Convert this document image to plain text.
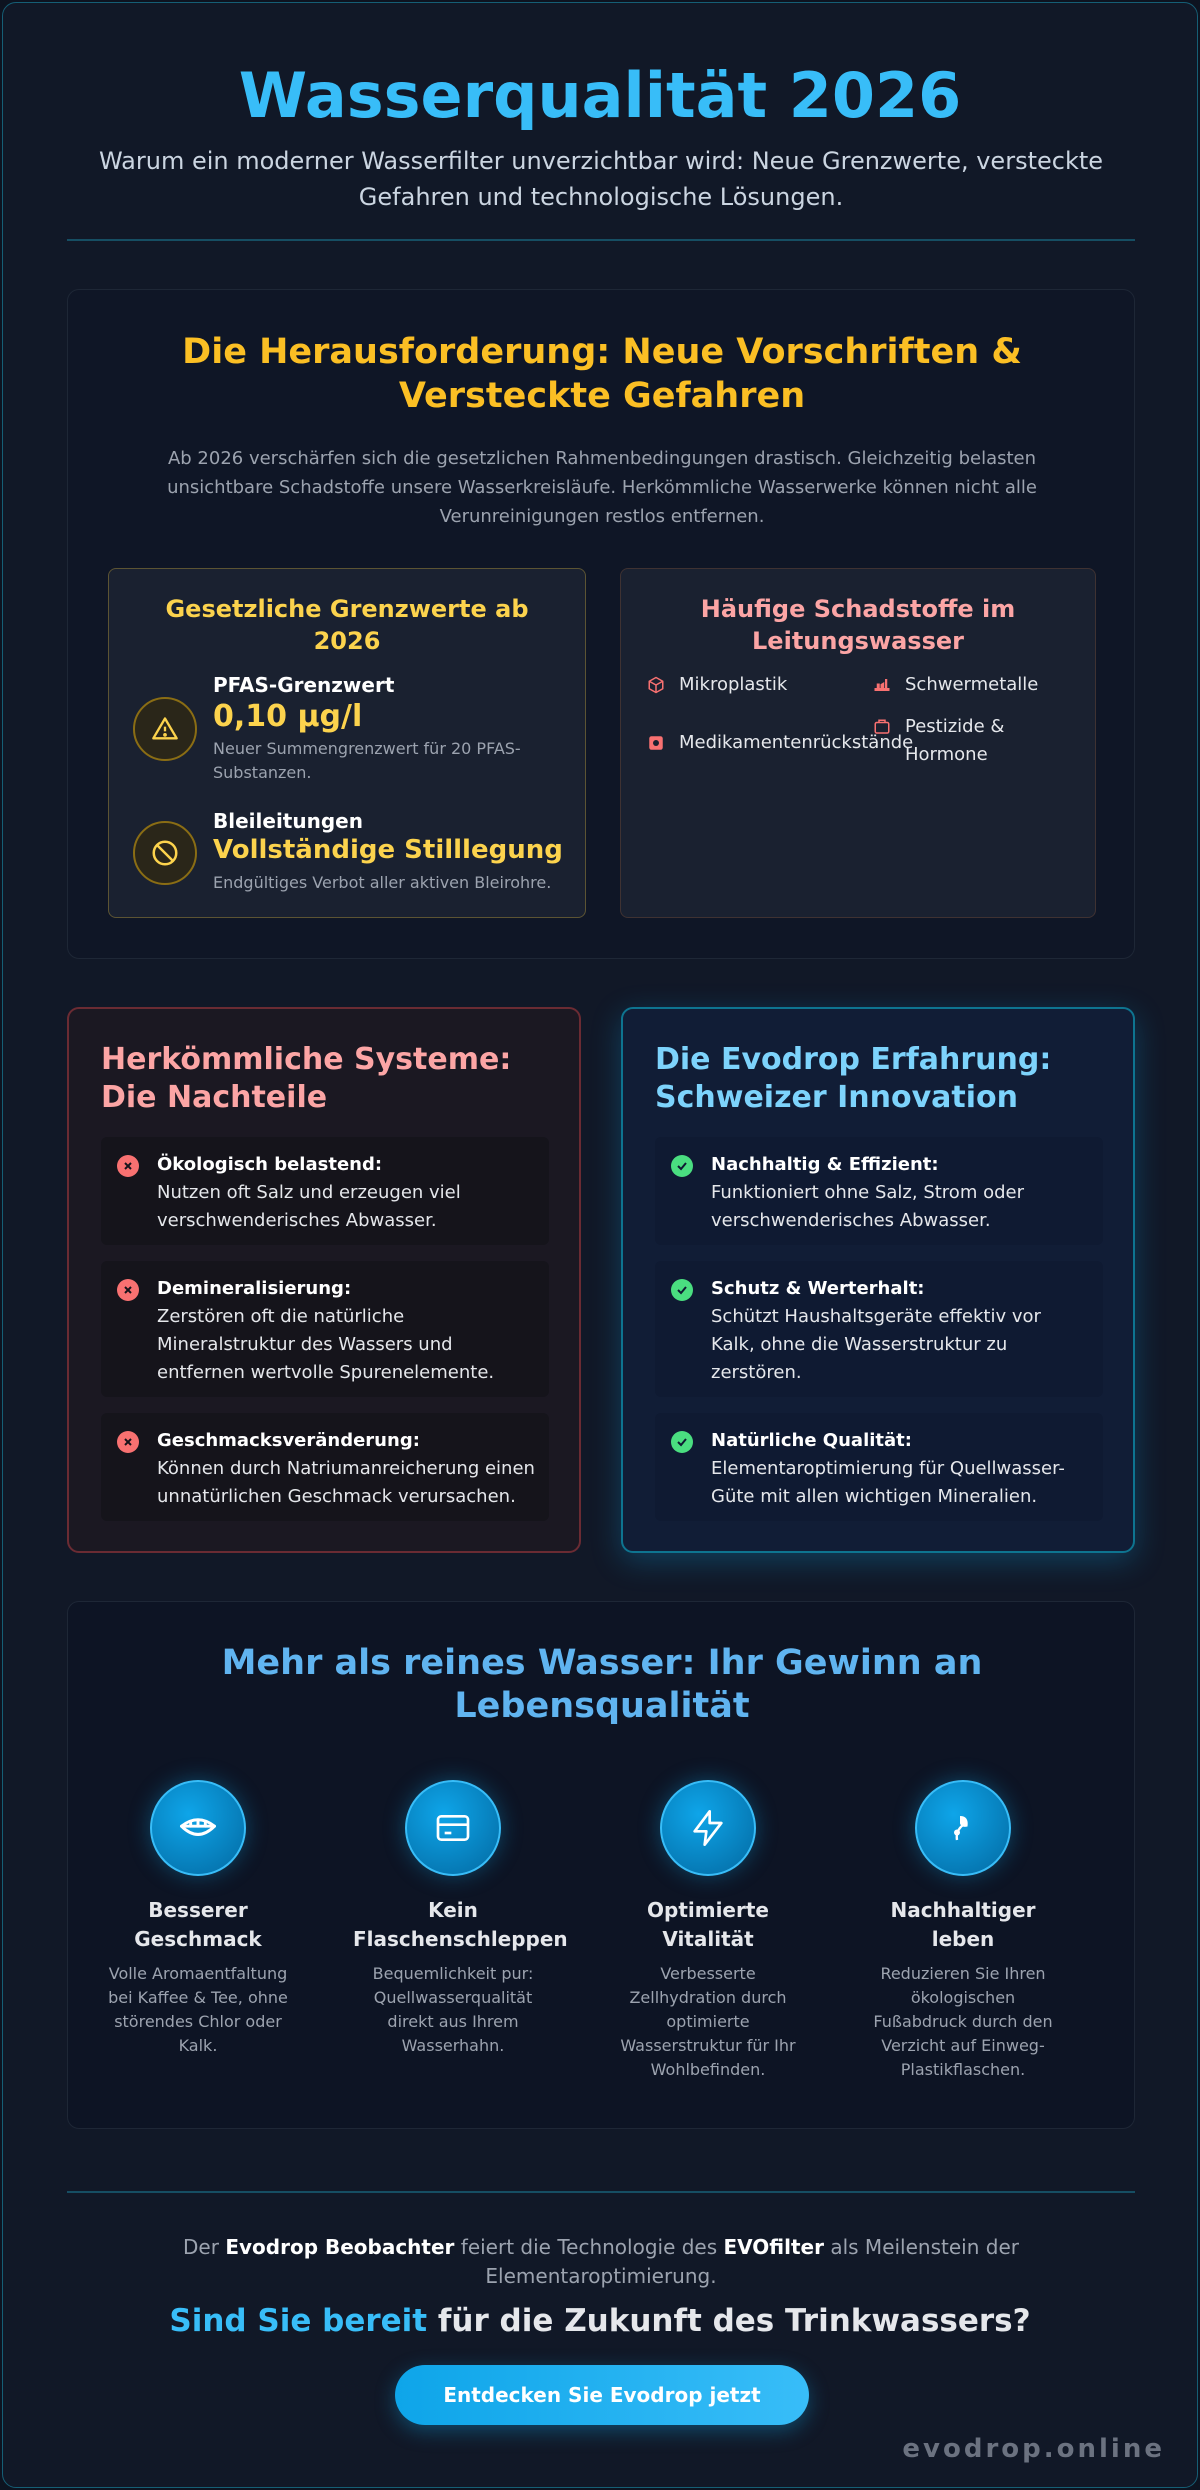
Wasserqualität 2026

Warum ein moderner Wasserfilter unverzichtbar wird: Neue Grenzwerte, versteckte Gefahren und technologische Lösungen.

Die Herausforderung: Neue Vorschriften & Versteckte Gefahren

Ab 2026 verschärfen sich die gesetzlichen Rahmenbedingungen drastisch. Gleichzeitig belasten unsichtbare Schadstoffe unsere Wasserkreisläufe. Herkömmliche Wasserwerke können nicht alle Verunreinigungen restlos entfernen.

Gesetzliche Grenzwerte ab 2026
PFAS-Grenzwert
0,10 µg/l
Neuer Summengrenzwert für 20 PFAS-Substanzen.
Bleileitungen
Vollständige Stilllegung
Endgültiges Verbot aller aktiven Bleirohre.
Häufige Schadstoffe im Leitungswasser
Mikroplastik	Schwermetalle
Medikamentenrückstände
Pestizide & Hormone
Herkömmliche Systeme: Die Nachteile
Ökologisch belastend:
Nutzen oft Salz und erzeugen viel verschwenderisches Abwasser.
Demineralisierung:
Zerstören oft die natürliche Mineralstruktur des Wassers und entfernen wertvolle Spurenelemente.
Geschmacksveränderung:
Können durch Natriumanreicherung einen unnatürlichen Geschmack verursachen.
Die Evodrop Erfahrung: Schweizer Innovation
Nachhaltig & Effizient:
Funktioniert ohne Salz, Strom oder verschwenderisches Abwasser.
Schutz & Werterhalt:
Schützt Haushaltsgeräte effektiv vor Kalk, ohne die Wasserstruktur zu zerstören.
Natürliche Qualität:
Elementaroptimierung für Quellwasser-Güte mit allen wichtigen Mineralien.
Mehr als reines Wasser: Ihr Gewinn an Lebensqualität
Besserer Geschmack
Volle Aromaentfaltung bei Kaffee & Tee, ohne störendes Chlor oder Kalk.
Kein Flaschenschleppen
Bequemlichkeit pur: Quellwasserqualität direkt aus Ihrem Wasserhahn.
Optimierte Vitalität
Verbesserte Zellhydration durch optimierte Wasserstruktur für Ihr Wohlbefinden.
Nachhaltiger leben
Reduzieren Sie Ihren ökologischen Fußabdruck durch den Verzicht auf Einweg-Plastikflaschen.

Der Evodrop Beobachter feiert die Technologie des EVOfilter als Meilenstein der Elementaroptimierung.

Sind Sie bereit für die Zukunft des Trinkwassers?
Entdecken Sie Evodrop jetzt
evodrop.online
